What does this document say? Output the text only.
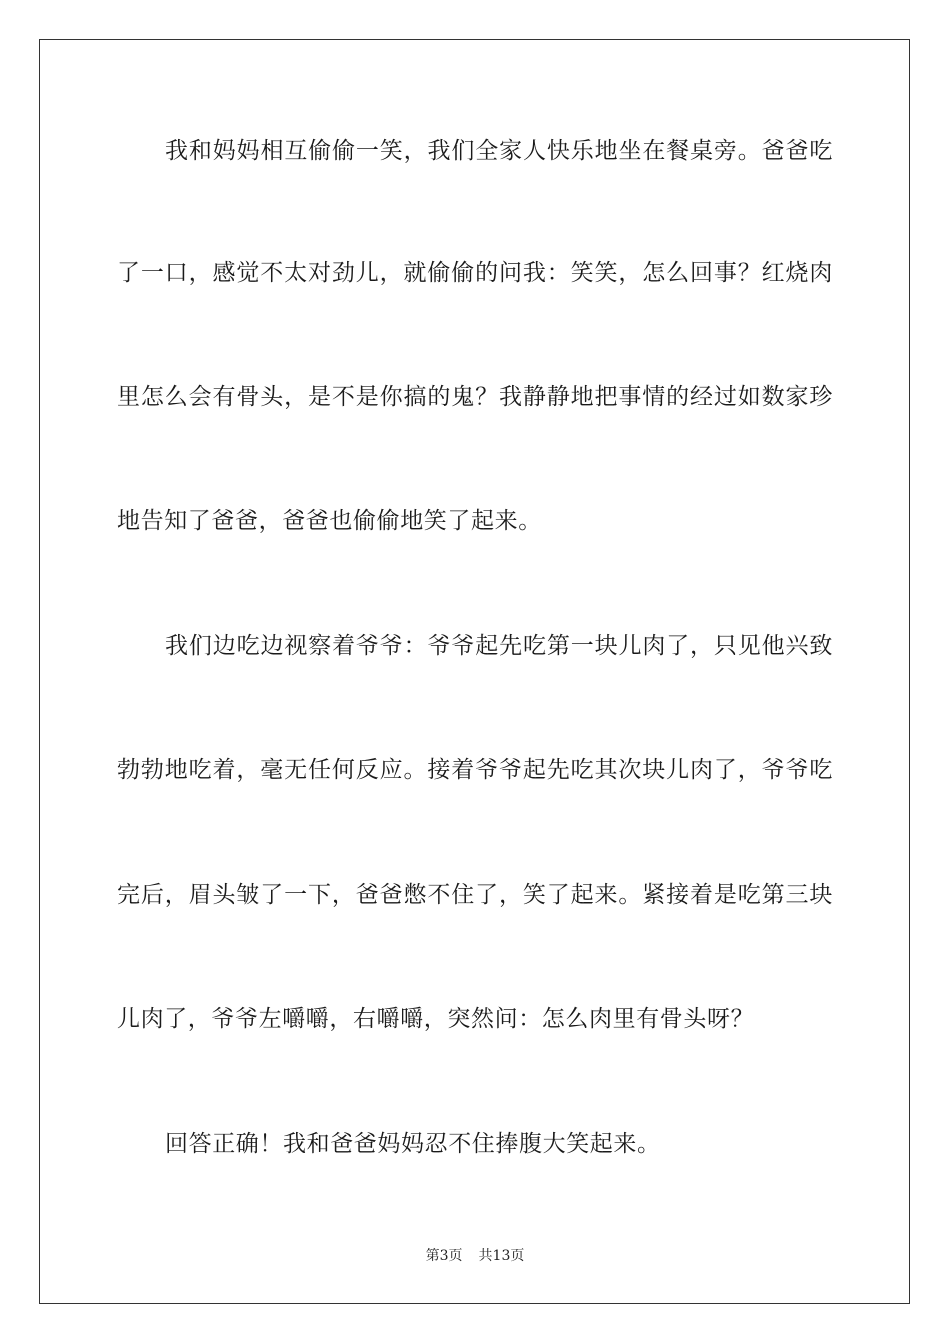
我和妈妈相互偷偷一笑，我们全家人快乐地坐在餐桌旁。爸爸吃
了一口，感觉不太对劲儿，就偷偷的问我：笑笑，怎么回事？红烧肉
里怎么会有骨头，是不是你搞的鬼？我静静地把事情的经过如数家珍
地告知了爸爸，爸爸也偷偷地笑了起来。
我们边吃边视察着爷爷：爷爷起先吃第一块儿肉了，只见他兴致
勃勃地吃着，毫无任何反应。接着爷爷起先吃其次块儿肉了，爷爷吃
完后，眉头皱了一下，爸爸憋不住了，笑了起来。紧接着是吃第三块
儿肉了，爷爷左嚼嚼，右嚼嚼，突然问：怎么肉里有骨头呀？
回答正确！我和爸爸妈妈忍不住捧腹大笑起来。
第3页 共13页
